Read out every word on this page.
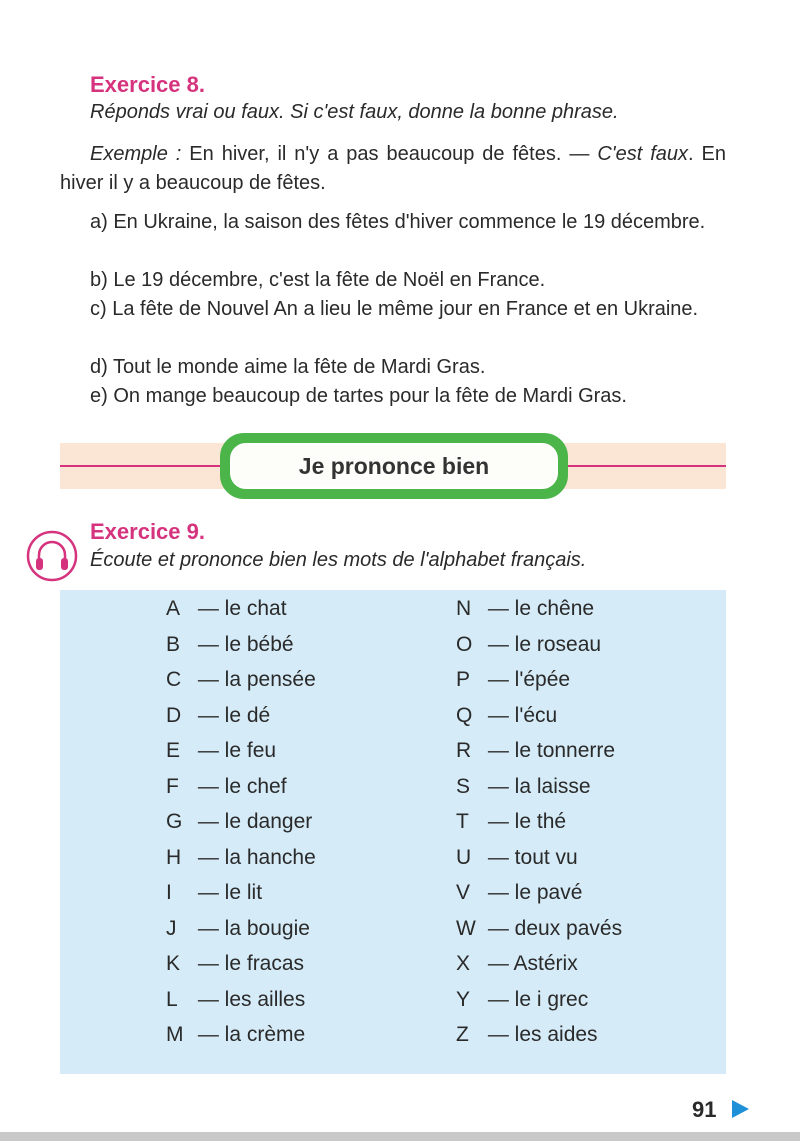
Exercice 8.
Réponds vrai ou faux. Si c'est faux, donne la bonne phrase.
Exemple : En hiver, il n'y a pas beaucoup de fêtes. — C'est faux. En hiver il y a beaucoup de fêtes.
a) En Ukraine, la saison des fêtes d'hiver commence le 19 décembre.
b) Le 19 décembre, c'est la fête de Noël en France.
c) La fête de Nouvel An a lieu le même jour en France et en Ukraine.
d) Tout le monde aime la fête de Mardi Gras.
e) On mange beaucoup de tartes pour la fête de Mardi Gras.
Je prononce bien
Exercice 9.
Écoute et prononce bien les mots de l'alphabet français.
A — le chat
B — le bébé
C — la pensée
D — le dé
E — le feu
F — le chef
G — le danger
H — la hanche
I — le lit
J — la bougie
K — le fracas
L — les ailles
M — la crème
N — le chêne
O — le roseau
P — l'épée
Q — l'écu
R — le tonnerre
S — la laisse
T — le thé
U — tout vu
V — le pavé
W — deux pavés
X — Astérix
Y — le i grec
Z — les aides
91
